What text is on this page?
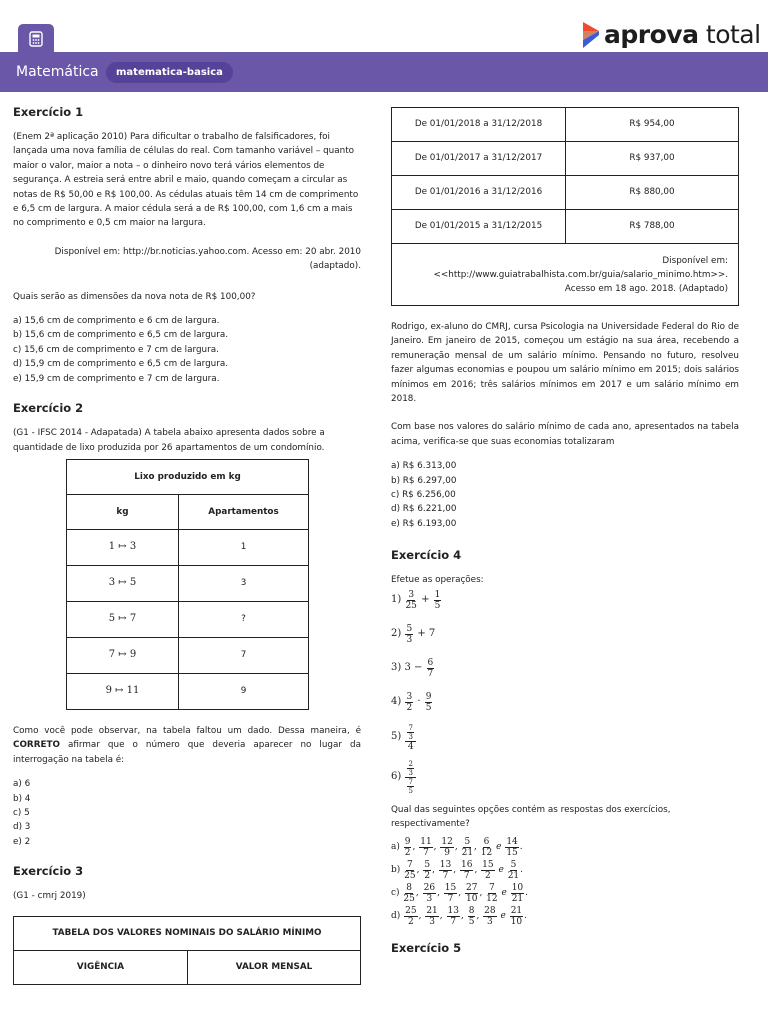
aprova total
Matemática	matematica-basica
Exercício 1

(Enem 2ª aplicação 2010) Para dificultar o trabalho de falsificadores, foi lançada uma nova família de células do real. Com tamanho variável – quanto maior o valor, maior a nota – o dinheiro novo terá vários elementos de segurança. A estreia será entre abril e maio, quando começam a circular as notas de R$ 50,00 e R$ 100,00. As cédulas atuais têm 14 cm de comprimento e 6,5 cm de largura. A maior cédula será a de R$ 100,00, com 1,6 cm a mais no comprimento e 0,5 cm maior na largura.

Disponível em: http://br.noticias.yahoo.com. Acesso em: 20 abr. 2010 (adaptado).

Quais serão as dimensões da nova nota de R$ 100,00?

a) 15,6 cm de comprimento e 6 cm de largura.
b) 15,6 cm de comprimento e 6,5 cm de largura.
c) 15,6 cm de comprimento e 7 cm de largura.
d) 15,9 cm de comprimento e 6,5 cm de largura.
e) 15,9 cm de comprimento e 7 cm de largura.
Exercício 2

(G1 - IFSC 2014 - Adapatada) A tabela abaixo apresenta dados sobre a quantidade de lixo produzida por 26 apartamentos de um condomínio.

Lixo produzido em kg	
kg	Apartamentos
1 ↦ 3	1
3 ↦ 5	3
5 ↦ 7	?
7 ↦ 9	7
9 ↦ 11	9

Como você pode observar, na tabela faltou um dado. Dessa maneira, é CORRETO afirmar que o número que deveria aparecer no lugar da interrogação na tabela é:

a) 6
b) 4
c) 5
d) 3
e) 2
Exercício 3

(G1 - cmrj 2019)

TABELA DOS VALORES NOMINAIS DO SALÁRIO MÍNIMO
VIGÊNCIA	VALOR MENSAL
De 01/01/2018 a 31/12/2018	R$ 954,00
De 01/01/2017 a 31/12/2017	R$ 937,00
De 01/01/2016 a 31/12/2016	R$ 880,00
De 01/01/2015 a 31/12/2015	R$ 788,00

Disponível em:
<<http://www.guiatrabalhista.com.br/guia/salario_minimo.htm>>.
Acesso em 18 ago. 2018. (Adaptado)	

Rodrigo, ex-aluno do CMRJ, cursa Psicologia na Universidade Federal do Rio de Janeiro. Em janeiro de 2015, começou um estágio na sua área, recebendo a remuneração mensal de um salário mínimo. Pensando no futuro, resolveu fazer algumas economias e poupou um salário mínimo em 2015; dois salários mínimos em 2016; três salários mínimos em 2017 e um salário mínimo em 2018.

Com base nos valores do salário mínimo de cada ano, apresentados na tabela acima, verifica-se que suas economias totalizaram

a) R$ 6.313,00
b) R$ 6.297,00
c) R$ 6.256,00
d) R$ 6.221,00
e) R$ 6.193,00
Exercício 4

Efetue as operações:

$1) \frac{3}{25} + \frac{1}{5}$
$2) \frac{5}{3} + 7$
3) $3 - \frac{6}{7}$
$4) \frac{3}{2} \cdot \frac{9}{5}$
$5) \frac{\frac{7}{3}}{4}$
$6) \frac{\frac{2}{3}}{\frac{7}{5}}$

Qual das seguintes opções contém as respostas dos exercícios, respectivamente?

$a) \frac{9}{2}$ , $\frac{11}{7}$ , $\frac{12}{9}$ , $\frac{5}{21}$ , $\frac{6}{12}$
e
$\frac{14}{15}$ .
$b) \frac{7}{25}$ , $\frac{5}{2}$ , $\frac{13}{7}$ , $\frac{16}{7}$ , $\frac{15}{2}$
e
$\frac{5}{21}$ .
$c) \frac{8}{25}$ , $\frac{26}{3}$ , $\frac{15}{7}$ , $\frac{27}{10}$ , $\frac{7}{12}$
e
$\frac{10}{21}$ .
$d) \frac{25}{2}$ , $\frac{21}{3}$ , $\frac{13}{7}$ , $\frac{8}{5}$ , $\frac{28}{3}$
e
$\frac{21}{10}$ .
Exercício 5
